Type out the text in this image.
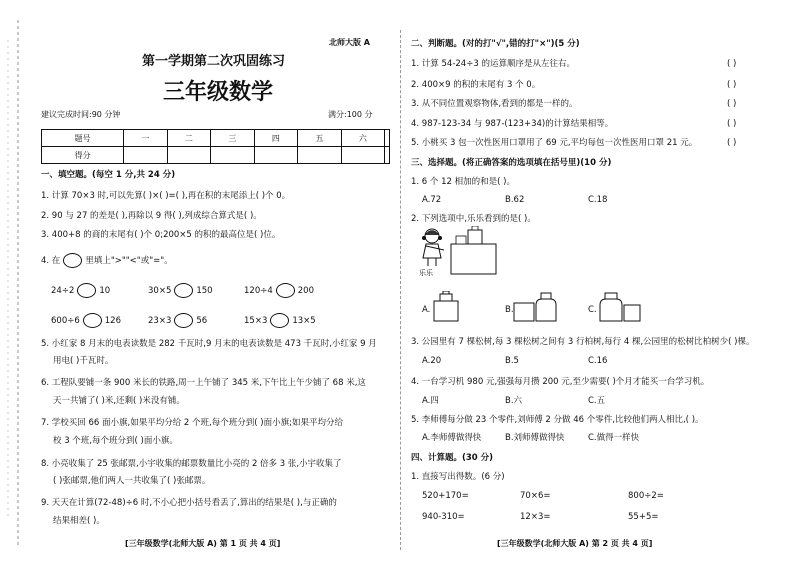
北师大版 A
第一学期第二次巩固练习
三年级数学
建议完成时间:90 分钟	满分:100 分
题号	一	二	三	四	五	六	
得分							
一、填空题。(每空 1 分,共 24 分)
1. 计算 70×3 时,可以先算( )×( )=( ),再在积的末尾添上( )个 0。
2. 90 与 27 的差是( ),再除以 9 得( ),列成综合算式是( )。
3. 400+8 的商的末尾有( )个 0;200×5 的积的最高位是( )位。
4. 在	里填上">""<"或"="。
24÷2	10	30×5	150	120÷4	200
600÷6	126	23×3	56	15×3	13×5
5. 小红家 8 月末的电表读数是 282 千瓦时,9 月末的电表读数是 473 千瓦时,小红家 9 月
用电( )千瓦时。
6. 工程队要铺一条 900 米长的铁路,周一上午铺了 345 米,下午比上午少铺了 68 米,这
天一共铺了( )米,还剩( )米没有铺。
7. 学校买回 66 面小旗,如果平均分给 2 个班,每个班分到( )面小旗;如果平均分给
校 3 个班,每个班分到( )面小旗。
8. 小亮收集了 25 张邮票,小宇收集的邮票数量比小亮的 2 倍多 3 张,小宇收集了
( )张邮票,他们两人一共收集了( )张邮票。
9. 天天在计算(72-48)÷6 时,不小心把小括号看丢了,算出的结果是( ),与正确的
结果相差( )。
[三年级数学(北师大版 A) 第 1 页 共 4 页]
二、判断题。(对的打"√",错的打"×")(5 分)
1. 计算 54-24÷3 的运算顺序是从左往右。	( )
2. 400×9 的积的末尾有 3 个 0。	( )
3. 从不同位置观察物体,看到的都是一样的。	( )
4. 987-123-34 与 987-(123+34)的计算结果相等。	( )
5. 小桃买 3 包一次性医用口罩用了 69 元,平均每包一次性医用口罩 21 元。	( )
三、选择题。(将正确答案的选项填在括号里)(10 分)
1. 6 个 12 相加的和是( )。
A.72	B.62	C.18
2. 下列选项中,乐乐看到的是( )。
乐乐
A.	B.	C.
3. 公园里有 7 棵松树,每 3 棵松树之间有 3 行柏树,每行 4 棵,公园里的松树比柏树少( )棵。
A.20	B.5	C.16
4. 一台学习机 980 元,强强每月攒 200 元,至少需要( )个月才能买一台学习机。
A.四	B.六	C.五
5. 李师傅每分做 23 个零件,刘师傅 2 分做 46 个零件,比较他们两人相比,( )。
A.李师傅做得快	B.刘师傅做得快	C.做得一样快
四、计算题。(30 分)
1. 直接写出得数。(6 分)
520+170=	70×6=	800÷2=
940-310=	12×3=	55+5=
[三年级数学(北师大版 A) 第 2 页 共 4 页]
